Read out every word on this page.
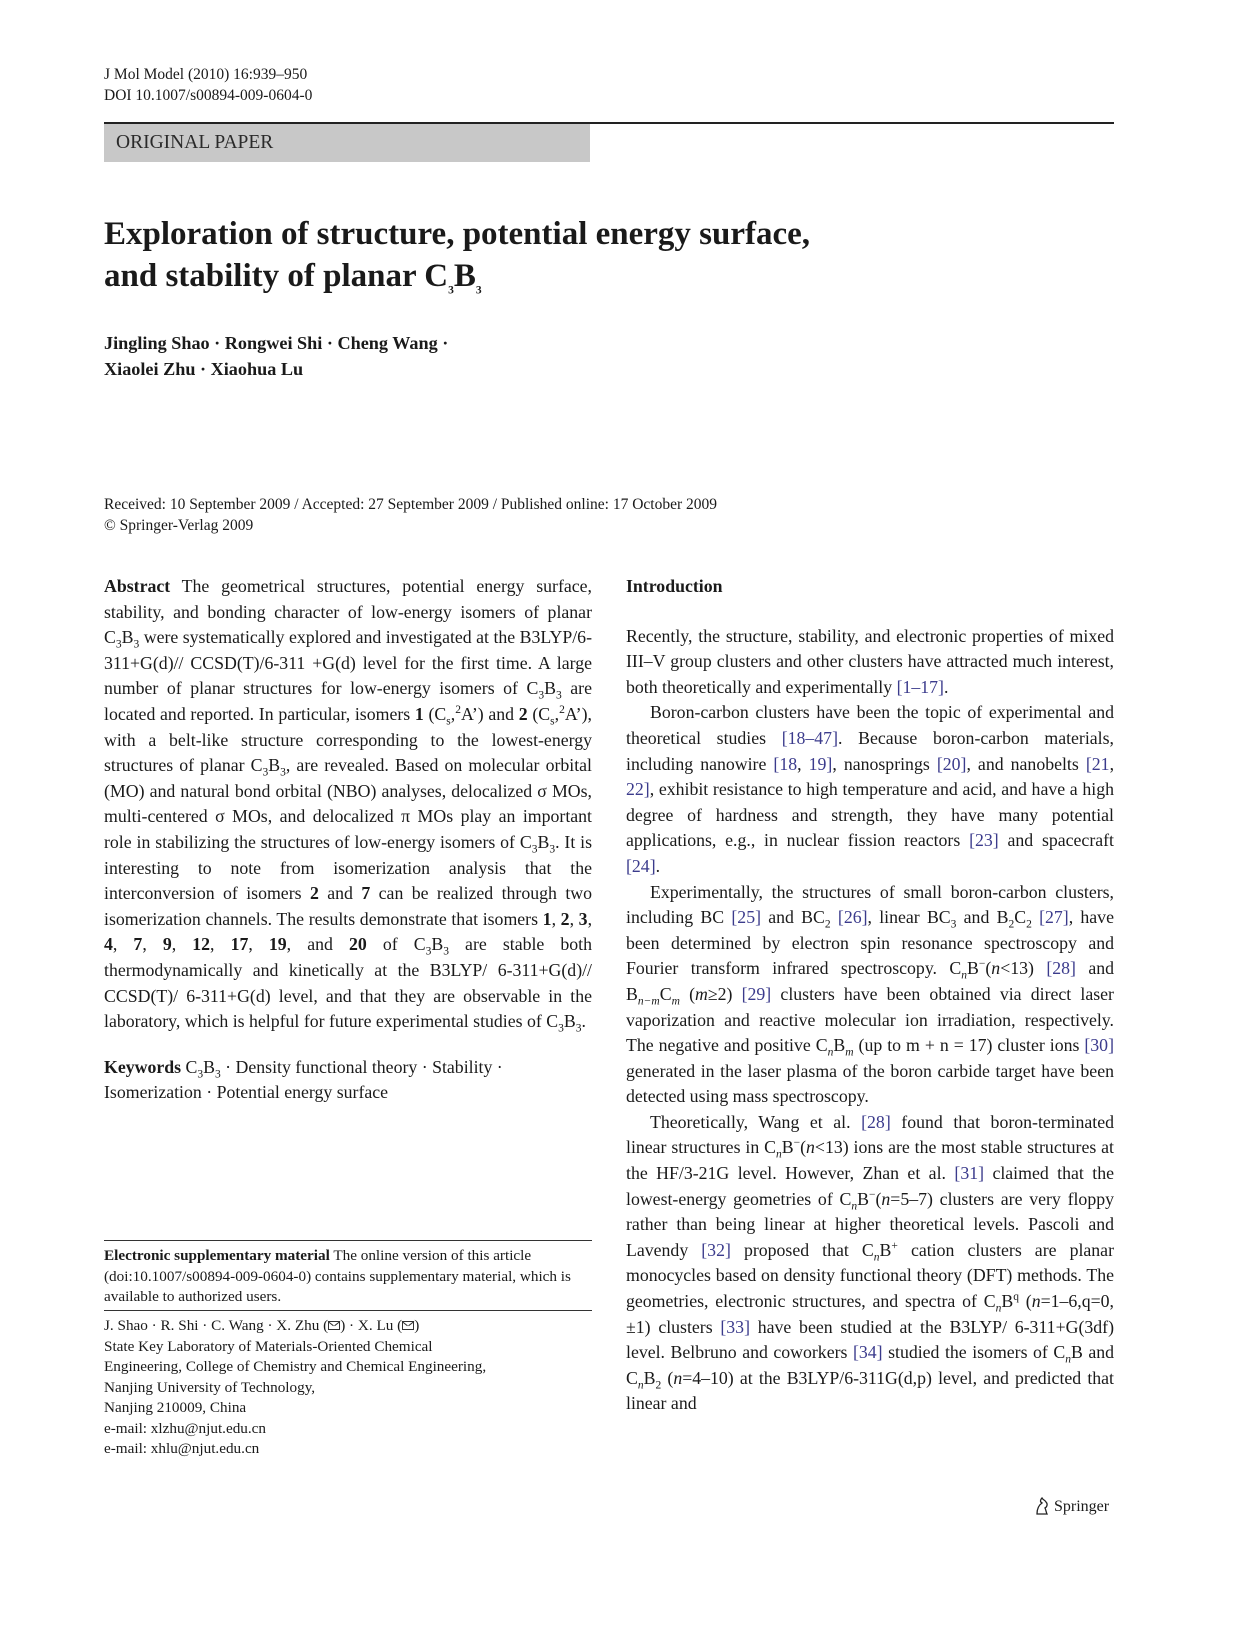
J Mol Model (2010) 16:939–950
DOI 10.1007/s00894-009-0604-0
ORIGINAL PAPER
Exploration of structure, potential energy surface,
and stability of planar $C_3B_3$
Jingling Shao · Rongwei Shi · Cheng Wang ·
Xiaolei Zhu · Xiaohua Lu
Received: 10 September 2009 / Accepted: 27 September 2009 / Published online: 17 October 2009
© Springer-Verlag 2009

Abstract The geometrical structures, potential energy surface, stability, and bonding character of low-energy isomers of planar $C_3B_3$ were systematically explored and investigated at the B3LYP/6-311+G(d)// CCSD(T)/6-311 +G(d) level for the first time. A large number of planar structures for low-energy isomers of $C_3B_3$ are located and reported. In particular, isomers 1 $(C_s,^2A’)$ and 2 $(C_s,^2A’)$, with a belt-like structure corresponding to the lowest-energy structures of planar $C_3B_3$, are revealed. Based on molecular orbital (MO) and natural bond orbital (NBO) analyses, delocalized σ MOs, multi-centered σ MOs, and delocalized π MOs play an important role in stabilizing the structures of low-energy isomers of $C_3B_3$. It is interesting to note from isomerization analysis that the interconversion of isomers 2 and 7 can be realized through two isomerization channels. The results demonstrate that isomers 1, 2, 3, 4, 7, 9, 12, 17, 19, and 20 of $C_3B_3$ are stable both thermodynamically and kinetically at the B3LYP/ 6-311+G(d)// CCSD(T)/ 6-311+G(d) level, and that they are observable in the laboratory, which is helpful for future experimental studies of $C_3B_3$.

Keywords $C_3B_3$ · Density functional theory · Stability · Isomerization · Potential energy surface

Electronic supplementary material The online version of this article (doi:10.1007/s00894-009-0604-0) contains supplementary material, which is available to authorized users.
J. Shao · R. Shi · C. Wang · X. Zhu ( ) · X. Lu ( )
State Key Laboratory of Materials-Oriented Chemical
Engineering, College of Chemistry and Chemical Engineering,
Nanjing University of Technology,
Nanjing 210009, China
e-mail: xlzhu@njut.edu.cn
e-mail: xhlu@njut.edu.cn

Introduction

Recently, the structure, stability, and electronic properties of mixed III–V group clusters and other clusters have attracted much interest, both theoretically and experimentally [1–17].

Boron-carbon clusters have been the topic of experimental and theoretical studies [18–47]. Because boron-carbon materials, including nanowire [18, 19], nanosprings [20], and nanobelts [21, 22], exhibit resistance to high temperature and acid, and have a high degree of hardness and strength, they have many potential applications, e.g., in nuclear fission reactors [23] and spacecraft [24].

Experimentally, the structures of small boron-carbon clusters, including BC [25] and $BC_2$ [26], linear $BC_3$ and $B_2C_2$ [27], have been determined by electron spin resonance spectroscopy and Fourier transform infrared spectroscopy. $C_nB^-(n<13)$ [28] and $B_{n-m}C_m$ (m≥2) [29] clusters have been obtained via direct laser vaporization and reactive molecular ion irradiation, respectively. The negative and positive $C_nB_m$ (up to m + n = 17) cluster ions [30] generated in the laser plasma of the boron carbide target have been detected using mass spectroscopy.

Theoretically, Wang et al. [28] found that boron-terminated linear structures in $C_nB^-(n<13)$ ions are the most stable structures at the HF/3-21G level. However, Zhan et al. [31] claimed that the lowest-energy geometries of $C_nB^-(n=5-7)$ clusters are very floppy rather than being linear at higher theoretical levels. Pascoli and Lavendy [32] proposed that $C_nB^+$ cation clusters are planar monocycles based on density functional theory (DFT) methods. The geometries, electronic structures, and spectra of $C_nB^q$ (n=1–6,q=0, ±1) clusters [33] have been studied at the B3LYP/ 6-311+G(3df) level. Belbruno and coworkers [34] studied the isomers of $C_nB$ and $C_nB_2$ (n=4–10) at the B3LYP/6-311G(d,p) level, and predicted that linear and

Springer
